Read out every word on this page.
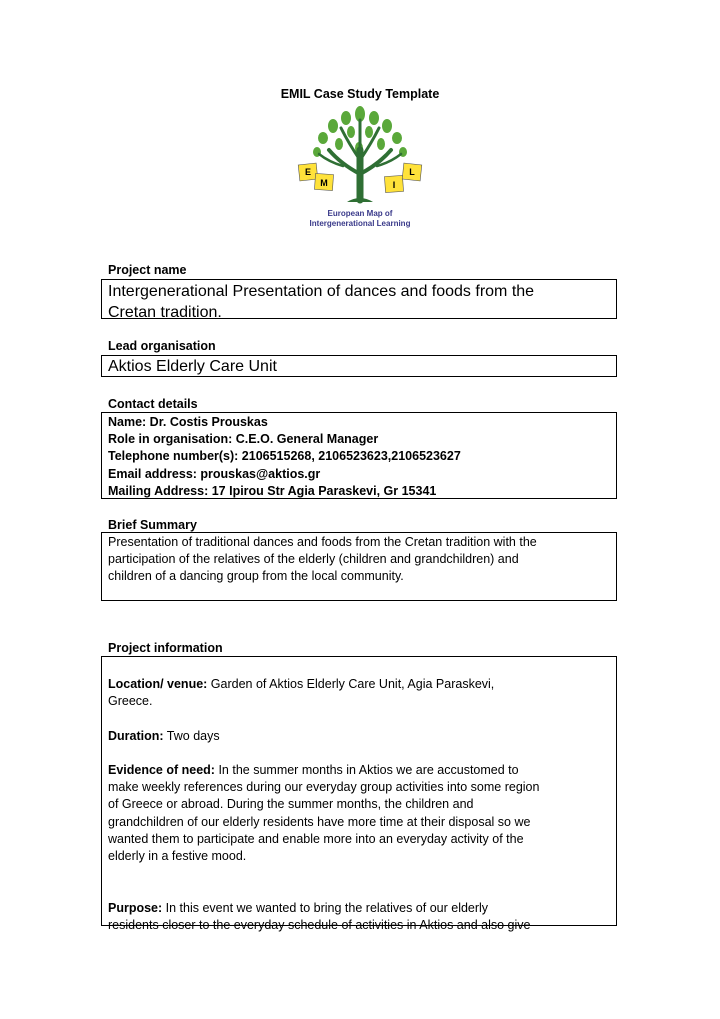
EMIL Case Study Template
E
M	I
L
European Map of
Intergenerational Learning
Project name
Intergenerational Presentation of dances and foods from the
Cretan tradition.
Lead organisation
Aktios Elderly Care Unit
Contact details
Name: Dr. Costis Prouskas
Role in organisation: C.E.O. General Manager
Telephone number(s): 2106515268, 2106523623,2106523627
Email address: prouskas@aktios.gr
Mailing Address: 17 Ipirou Str Agia Paraskevi, Gr 15341
Brief Summary
Presentation of traditional dances and foods from the Cretan tradition with the
participation of the relatives of the elderly (children and grandchildren) and
children of a dancing group from the local community.
Project information
Location/ venue: Garden of Aktios Elderly Care Unit, Agia Paraskevi,
Greece.
Duration: Two days
Evidence of need: In the summer months in Aktios we are accustomed to
make weekly references during our everyday group activities into some region
of Greece or abroad. During the summer months, the children and
grandchildren of our elderly residents have more time at their disposal so we
wanted them to participate and enable more into an everyday activity of the
elderly in a festive mood.
Purpose: In this event we wanted to bring the relatives of our elderly
residents closer to the everyday schedule of activities in Aktios and also give
